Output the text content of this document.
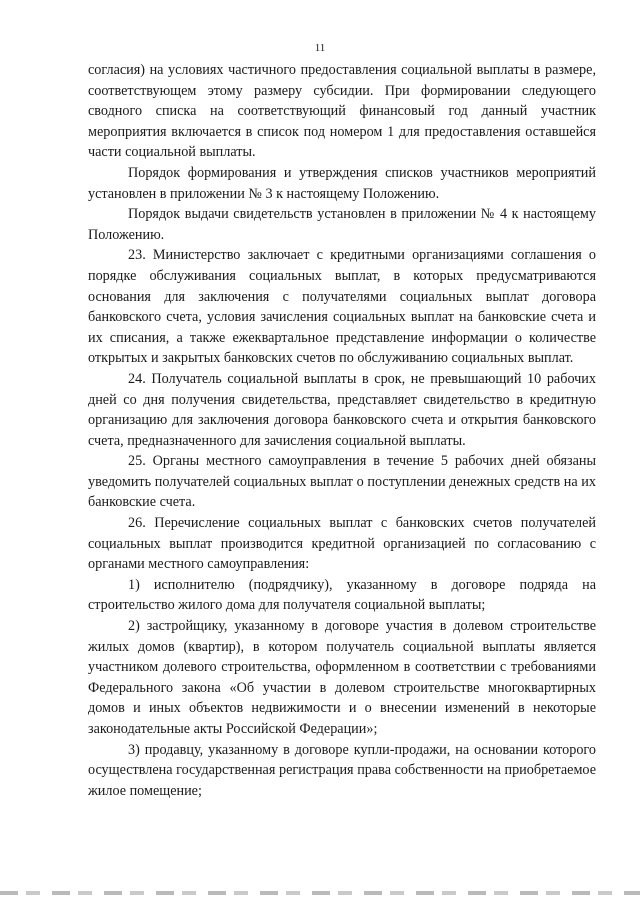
11

согласия) на условиях частичного предоставления социальной выплаты в размере, соответствующем этому размеру субсидии. При формировании следующего сводного списка на соответствующий финансовый год данный участник мероприятия включается в список под номером 1 для предоставления оставшейся части социальной выплаты.

Порядок формирования и утверждения списков участников мероприятий установлен в приложении № 3 к настоящему Положению.

Порядок выдачи свидетельств установлен в приложении № 4 к настоящему Положению.

23. Министерство заключает с кредитными организациями соглашения о порядке обслуживания социальных выплат, в которых предусматриваются основания для заключения с получателями социальных выплат договора банковского счета, условия зачисления социальных выплат на банковские счета и их списания, а также ежеквартальное представление информации о количестве открытых и закрытых банковских счетов по обслуживанию социальных выплат.

24. Получатель социальной выплаты в срок, не превышающий 10 рабочих дней со дня получения свидетельства, представляет свидетельство в кредитную организацию для заключения договора банковского счета и открытия банковского счета, предназначенного для зачисления социальной выплаты.

25. Органы местного самоуправления в течение 5 рабочих дней обязаны уведомить получателей социальных выплат о поступлении денежных средств на их банковские счета.

26. Перечисление социальных выплат с банковских счетов получателей социальных выплат производится кредитной организацией по согласованию с органами местного самоуправления:

1) исполнителю (подрядчику), указанному в договоре подряда на строительство жилого дома для получателя социальной выплаты;

2) застройщику, указанному в договоре участия в долевом строительстве жилых домов (квартир), в котором получатель социальной выплаты является участником долевого строительства, оформленном в соответствии с требованиями Федерального закона «Об участии в долевом строительстве многоквартирных домов и иных объектов недвижимости и о внесении изменений в некоторые законодательные акты Российской Федерации»;

3) продавцу, указанному в договоре купли-продажи, на основании которого осуществлена государственная регистрация права собственности на приобретаемое жилое помещение;
